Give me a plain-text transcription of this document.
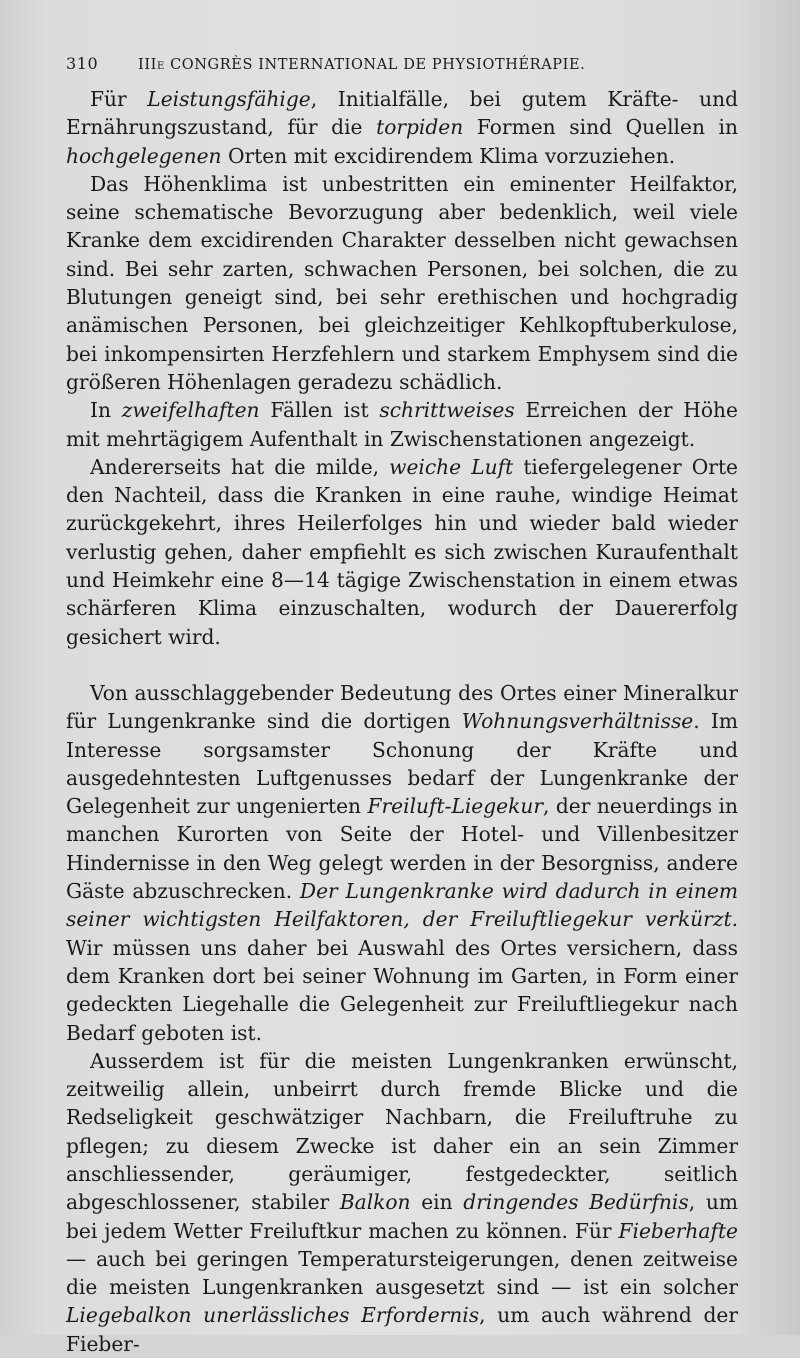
310	IIIe CONGRÈS INTERNATIONAL DE PHYSIOTHÉRAPIE.

Für Leistungsfähige, Initialfälle, bei gutem Kräfte- und Ernährungszustand, für die torpiden Formen sind Quellen in hochgelegenen Orten mit excidirendem Klima vorzuziehen.

Das Höhenklima ist unbestritten ein eminenter Heilfaktor, seine schematische Bevorzugung aber bedenklich, weil viele Kranke dem excidirenden Charakter desselben nicht gewachsen sind. Bei sehr zarten, schwachen Personen, bei solchen, die zu Blutungen geneigt sind, bei sehr erethischen und hochgradig anämischen Personen, bei gleichzeitiger Kehlkopftuberkulose, bei inkompensirten Herzfehlern und starkem Emphysem sind die größeren Höhenlagen geradezu schädlich.

In zweifelhaften Fällen ist schrittweises Erreichen der Höhe mit mehrtägigem Aufenthalt in Zwischenstationen angezeigt.

Andererseits hat die milde, weiche Luft tiefergelegener Orte den Nachteil, dass die Kranken in eine rauhe, windige Heimat zurückgekehrt, ihres Heilerfolges hin und wieder bald wieder verlustig gehen, daher empfiehlt es sich zwischen Kuraufenthalt und Heimkehr eine 8—14 tägige Zwischenstation in einem etwas schärferen Klima einzuschalten, wodurch der Dauererfolg gesichert wird.

Von ausschlaggebender Bedeutung des Ortes einer Mineralkur für Lungenkranke sind die dortigen Wohnungsverhältnisse. Im Interesse sorgsamster Schonung der Kräfte und ausgedehntesten Luftgenusses bedarf der Lungenkranke der Gelegenheit zur ungenierten Freiluft-Liegekur, der neuerdings in manchen Kurorten von Seite der Hotel- und Villenbesitzer Hindernisse in den Weg gelegt werden in der Besorgniss, andere Gäste abzuschrecken. Der Lungenkranke wird dadurch in einem seiner wichtigsten Heilfaktoren, der Freiluftliegekur verkürzt. Wir müssen uns daher bei Auswahl des Ortes versichern, dass dem Kranken dort bei seiner Wohnung im Garten, in Form einer gedeckten Liegehalle die Gelegenheit zur Freiluftliegekur nach Bedarf geboten ist.

Ausserdem ist für die meisten Lungenkranken erwünscht, zeitweilig allein, unbeirrt durch fremde Blicke und die Redseligkeit geschwätziger Nachbarn, die Freiluftruhe zu pflegen; zu diesem Zwecke ist daher ein an sein Zimmer anschliessender, geräumiger, festgedeckter, seitlich abgeschlossener, stabiler Balkon ein dringendes Bedürfnis, um bei jedem Wetter Freiluftkur machen zu können. Für Fieberhafte — auch bei geringen Temperatursteigerungen, denen zeitweise die meisten Lungenkranken ausgesetzt sind — ist ein solcher Liegebalkon unerlässliches Erfordernis, um auch während der Fieber-
